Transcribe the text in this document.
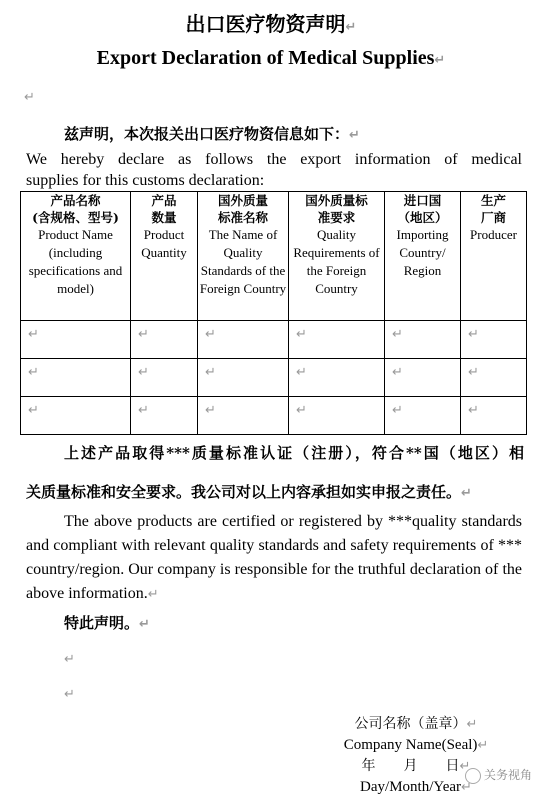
出口医疗物资声明↵
Export Declaration of Medical Supplies↵
↵
兹声明，本次报关出口医疗物资信息如下：↵
We hereby declare as follows the export information of medical
supplies for this customs declaration:
产品名称
(含规格、型号)
Product Name (including specifications and model)	产品
数量
Product Quantity	国外质量
标准名称
The Name of Quality Standards of the Foreign Country	国外质量标
准要求
Quality Requirements of the Foreign Country	进口国
（地区）
Importing Country/ Region	生产
厂商
Producer

↵	↵	↵	↵	↵	↵

↵	↵	↵	↵	↵	↵

↵	↵	↵	↵	↵	↵
上述产品取得***质量标准认证（注册），符合**国（地区）相
关质量标准和安全要求。我公司对以上内容承担如实申报之责任。↵
The above products are certified or registered by ***quality standards and compliant with relevant quality standards and safety requirements of *** country/region. Our company is responsible for the truthful declaration of the above information.↵
特此声明。↵
↵
↵
公司名称（盖章）↵
Company Name(Seal)↵
年　　月　　日↵
Day/Month/Year↵
关务视角
